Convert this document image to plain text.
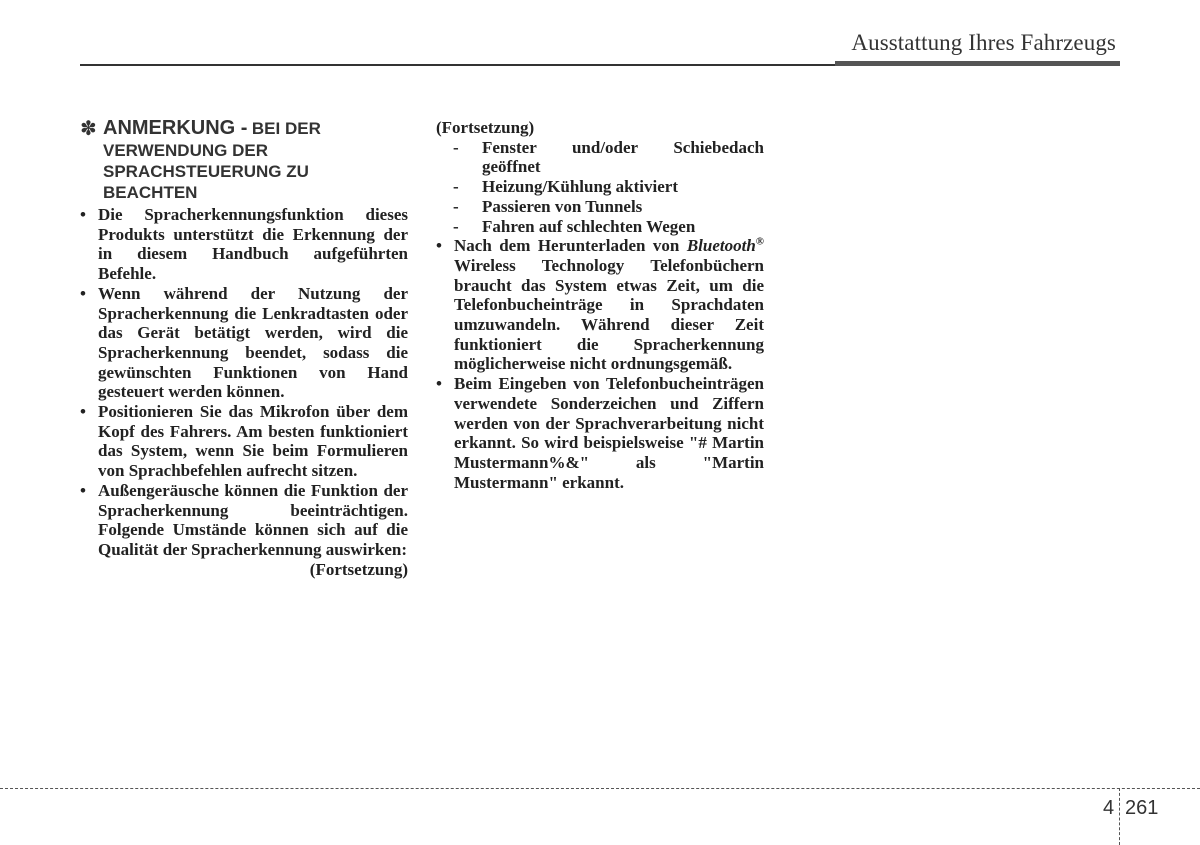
Ausstattung Ihres Fahrzeugs
✽ ANMERKUNG - BEI DER
VERWENDUNG DER
SPRACHSTEUERUNG ZU
BEACHTEN

• Die Spracherkennungsfunktion dieses Produkts unterstützt die Erkennung der in diesem Handbuch aufgeführten Befehle.

• Wenn während der Nutzung der Spracherkennung die Lenkradtasten oder das Gerät betätigt werden, wird die Spracherkennung beendet, sodass die gewünschten Funktionen von Hand gesteuert werden können.

• Positionieren Sie das Mikrofon über dem Kopf des Fahrers. Am besten funktioniert das System, wenn Sie beim Formulieren von Sprachbefehlen aufrecht sitzen.

• Außengeräusche können die Funktion der Spracherkennung beeinträchtigen. Folgende Umstände können sich auf die Qualität der Spracherkennung auswirken:

(Fortsetzung)

(Fortsetzung)

- Fenster und/oder Schiebedach geöffnet

- Heizung/Kühlung aktiviert

- Passieren von Tunnels

- Fahren auf schlechten Wegen

• Nach dem Herunterladen von Bluetooth® Wireless Technology Telefonbüchern braucht das System etwas Zeit, um die Telefonbucheinträge in Sprachdaten umzuwandeln. Während dieser Zeit funktioniert die Spracherkennung möglicherweise nicht ordnungsgemäß.

• Beim Eingeben von Telefonbucheinträgen verwendete Sonderzeichen und Ziffern werden von der Sprachverarbeitung nicht erkannt. So wird beispielsweise "# Martin Mustermann%&" als "Martin Mustermann" erkannt.

4 261
